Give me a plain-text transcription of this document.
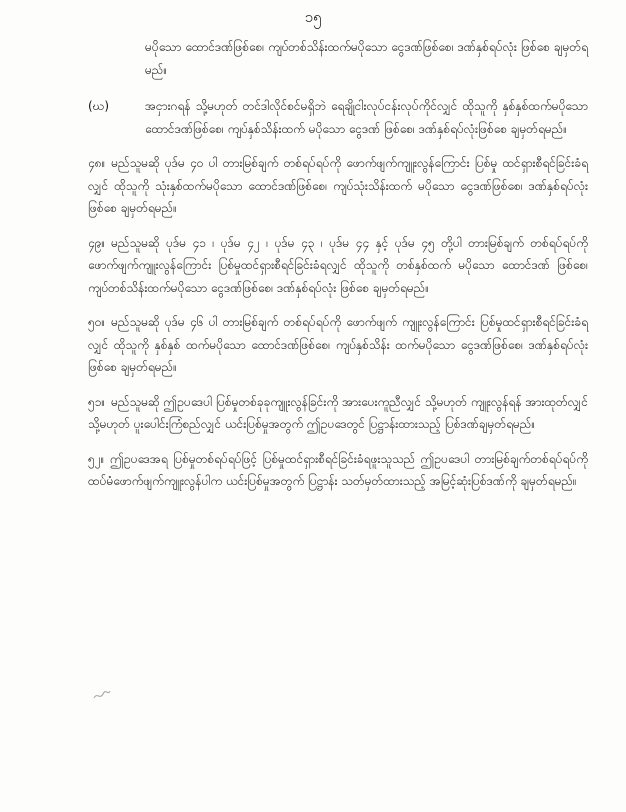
၁၅

မပိုသော ထောင်ဒဏ်ဖြစ်စေ၊ ကျပ်တစ်သိန်းထက်မပိုသော ငွေဒဏ်ဖြစ်စေ၊ ဒဏ်နှစ်ရပ်လုံး ဖြစ်စေ ချမှတ်ရမည်။

(ဃ)	အငှားဂရန် သို့မဟုတ် တင်ဒါလိုင်စင်မရှိဘဲ ရေချိုငါးလုပ်ငန်းလုပ်ကိုင်လျှင် ထိုသူကို နှစ်နှစ်ထက်မပိုသော ထောင်ဒဏ်ဖြစ်စေ၊ ကျပ်နှစ်သိန်းထက် မပိုသော ငွေဒဏ် ဖြစ်စေ၊ ဒဏ်နှစ်ရပ်လုံးဖြစ်စေ ချမှတ်ရမည်။

၄၈။ မည်သူမဆို ပုဒ်မ ၄၀ ပါ တားမြစ်ချက် တစ်ရပ်ရပ်ကို ဖောက်ဖျက်ကျူးလွန်ကြောင်း ပြစ်မှု ထင်ရှားစီရင်ခြင်းခံရလျှင် ထိုသူကို သုံးနှစ်ထက်မပိုသော ထောင်ဒဏ်ဖြစ်စေ၊ ကျပ်သုံးသိန်းထက် မပိုသော ငွေဒဏ်ဖြစ်စေ၊ ဒဏ်နှစ်ရပ်လုံးဖြစ်စေ ချမှတ်ရမည်။

၄၉။ မည်သူမဆို ပုဒ်မ ၄၁ ၊ ပုဒ်မ ၄၂ ၊ ပုဒ်မ ၄၃ ၊ ပုဒ်မ ၄၄ နှင့် ပုဒ်မ ၄၅ တို့ပါ တားမြစ်ချက် တစ်ရပ်ရပ်ကို ဖောက်ဖျက်ကျူးလွန်ကြောင်း ပြစ်မှုထင်ရှားစီရင်ခြင်းခံရလျှင် ထိုသူကို တစ်နှစ်ထက် မပိုသော ထောင်ဒဏ် ဖြစ်စေ၊ ကျပ်တစ်သိန်းထက်မပိုသော ငွေဒဏ်ဖြစ်စေ၊ ဒဏ်နှစ်ရပ်လုံး ဖြစ်စေ ချမှတ်ရမည်။

၅၀။ မည်သူမဆို ပုဒ်မ ၄၆ ပါ တားမြစ်ချက် တစ်ရပ်ရပ်ကို ဖောက်ဖျက် ကျူးလွန်ကြောင်း ပြစ်မှုထင်ရှားစီရင်ခြင်းခံရလျှင် ထိုသူကို နှစ်နှစ် ထက်မပိုသော ထောင်ဒဏ်ဖြစ်စေ၊ ကျပ်နှစ်သိန်း ထက်မပိုသော ငွေဒဏ်ဖြစ်စေ၊ ဒဏ်နှစ်ရပ်လုံးဖြစ်စေ ချမှတ်ရမည်။

၅၁။ မည်သူမဆို ဤဥပဒေပါ ပြစ်မှုတစ်ခုခုကျူးလွန်ခြင်းကို အားပေးကူညီလျှင် သို့မဟုတ် ကျူးလွန်ရန် အားထုတ်လျှင် သို့မဟုတ် ပူးပေါင်းကြံစည်လျှင် ယင်းပြစ်မှုအတွက် ဤဥပဒေတွင် ပြဋ္ဌာန်းထားသည့် ပြစ်ဒဏ်ချမှတ်ရမည်။

၅၂။ ဤဥပဒေအရ ပြစ်မှုတစ်ရပ်ရပ်ဖြင့် ပြစ်မှုထင်ရှားစီရင်ခြင်းခံရဖူးသူသည် ဤဥပဒေပါ တားမြစ်ချက်တစ်ရပ်ရပ်ကို ထပ်မံဖောက်ဖျက်ကျူးလွန်ပါက ယင်းပြစ်မှုအတွက် ပြဋ္ဌာန်း သတ်မှတ်ထားသည့် အမြင့်ဆုံးပြစ်ဒဏ်ကို ချမှတ်ရမည်။
